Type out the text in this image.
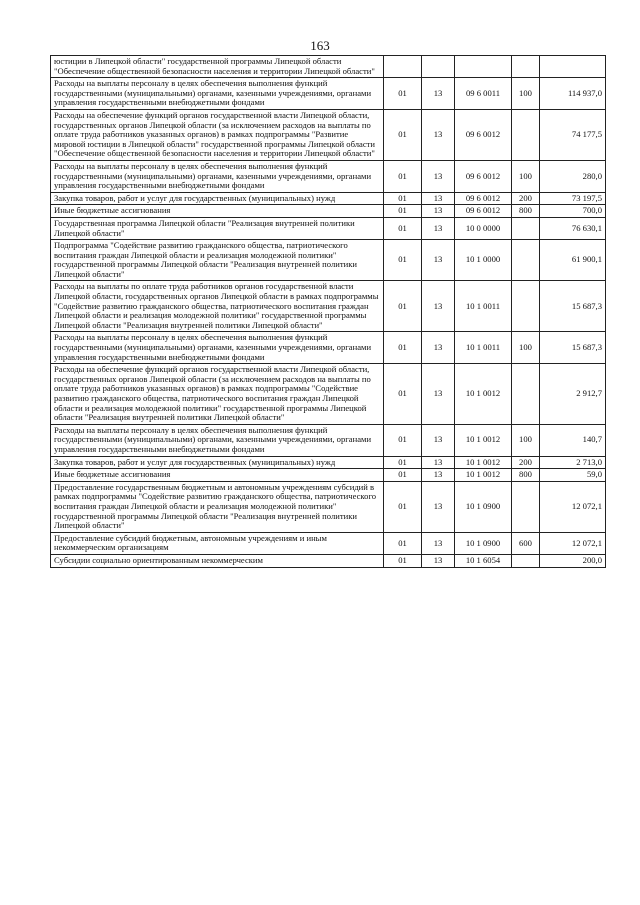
163
юстиции в Липецкой области" государственной программы Липецкой области "Обеспечение общественной безопасности населения и территории Липецкой области"					
Расходы на выплаты персоналу в целях обеспечения выполнения функций государственными (муниципальными) органами, казенными учреждениями, органами управления государственными внебюджетными фондами	01	13	09 6 0011	100	114 937,0
Расходы на обеспечение функций органов государственной власти Липецкой области, государственных органов Липецкой области (за исключением расходов на выплаты по оплате труда работников указанных органов) в рамках подпрограммы "Развитие мировой юстиции в Липецкой области" государственной программы Липецкой области "Обеспечение общественной безопасности населения и территории Липецкой области"	01	13	09 6 0012		74 177,5
Расходы на выплаты персоналу в целях обеспечения выполнения функций государственными (муниципальными) органами, казенными учреждениями, органами управления государственными внебюджетными фондами	01	13	09 6 0012	100	280,0
Закупка товаров, работ и услуг для государственных (муниципальных) нужд	01	13	09 6 0012	200	73 197,5
Иные бюджетные ассигнования	01	13	09 6 0012	800	700,0
Государственная программа Липецкой области "Реализация внутренней политики Липецкой области"	01	13	10 0 0000		76 630,1
Подпрограмма "Содействие развитию гражданского общества, патриотического воспитания граждан Липецкой области и реализация молодежной политики" государственной программы Липецкой области "Реализация внутренней политики Липецкой области"	01	13	10 1 0000		61 900,1
Расходы на выплаты по оплате труда работников органов государственной власти Липецкой области, государственных органов Липецкой области в рамках подпрограммы "Содействие развитию гражданского общества, патриотического воспитания граждан Липецкой области и реализация молодежной политики" государственной программы Липецкой области "Реализация внутренней политики Липецкой области"	01	13	10 1 0011		15 687,3
Расходы на выплаты персоналу в целях обеспечения выполнения функций государственными (муниципальными) органами, казенными учреждениями, органами управления государственными внебюджетными фондами	01	13	10 1 0011	100	15 687,3
Расходы на обеспечение функций органов государственной власти Липецкой области, государственных органов Липецкой области (за исключением расходов на выплаты по оплате труда работников указанных органов) в рамках подпрограммы "Содействие развитию гражданского общества, патриотического воспитания граждан Липецкой области и реализация молодежной политики" государственной программы Липецкой области "Реализация внутренней политики Липецкой области"	01	13	10 1 0012		2 912,7
Расходы на выплаты персоналу в целях обеспечения выполнения функций государственными (муниципальными) органами, казенными учреждениями, органами управления государственными внебюджетными фондами	01	13	10 1 0012	100	140,7
Закупка товаров, работ и услуг для государственных (муниципальных) нужд	01	13	10 1 0012	200	2 713,0
Иные бюджетные ассигнования	01	13	10 1 0012	800	59,0
Предоставление государственным бюджетным и автономным учреждениям субсидий в рамках подпрограммы "Содействие развитию гражданского общества, патриотического воспитания граждан Липецкой области и реализация молодежной политики" государственной программы Липецкой области "Реализация внутренней политики Липецкой области"	01	13	10 1 0900		12 072,1
Предоставление субсидий бюджетным, автономным учреждениям и иным некоммерческим организациям	01	13	10 1 0900	600	12 072,1
Субсидии социально ориентированным некоммерческим	01	13	10 1 6054		200,0
